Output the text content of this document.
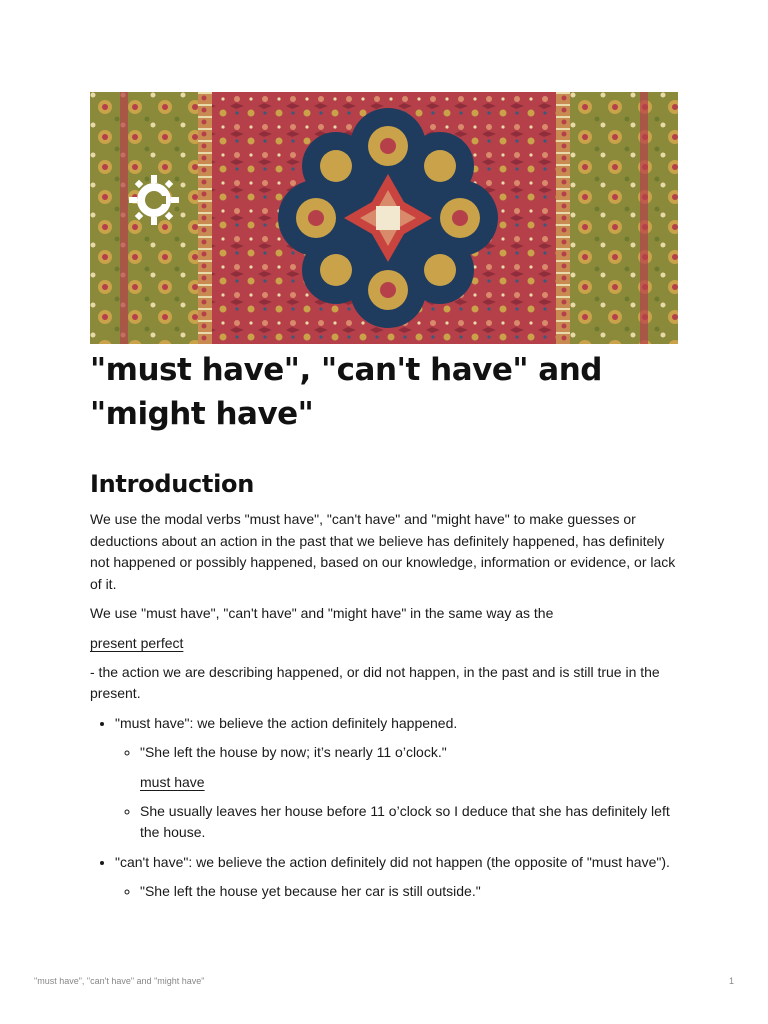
"must have", "can't have" and "might have"
Introduction

We use the modal verbs "must have", "can't have" and "might have" to make guesses or deductions about an action in the past that we believe has definitely happened, has definitely not happened or possibly happened, based on our knowledge, information or evidence, or lack of it.

We use "must have", "can't have" and "might have" in the same way as the

present perfect

- the action we are describing happened, or did not happen, in the past and is still true in the present.

• "must have": we believe the action definitely happened.
◦ "She left the house by now; it’s nearly 11 o’clock."
must have
◦ She usually leaves her house before 11 o’clock so I deduce that she has definitely left the house.
• "can't have": we believe the action definitely did not happen (the opposite of "must have").
◦ "She left the house yet because her car is still outside."
"must have", "can't have" and "might have"	1
